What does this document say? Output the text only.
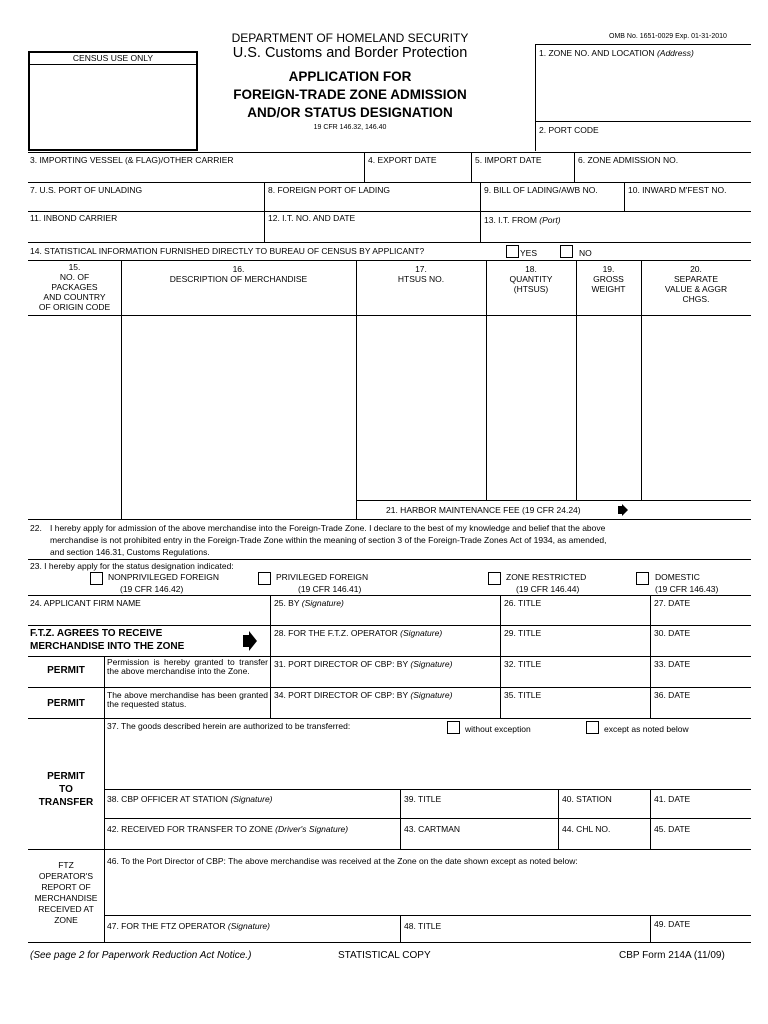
DEPARTMENT OF HOMELAND SECURITY
U.S. Customs and Border Protection
OMB No. 1651-0029 Exp. 01-31-2010
APPLICATION FOR
FOREIGN-TRADE ZONE ADMISSION
AND/OR STATUS DESIGNATION
19 CFR 146.32, 146.40
CENSUS USE ONLY	1. ZONE NO. AND LOCATION (Address)
2. PORT CODE
3. IMPORTING VESSEL (& FLAG)/OTHER CARRIER	4. EXPORT DATE	5. IMPORT DATE	6. ZONE ADMISSION NO.
7. U.S. PORT OF UNLADING	8. FOREIGN PORT OF LADING	9. BILL OF LADING/AWB NO.	10. INWARD M'FEST NO.
11. INBOND CARRIER	12. I.T. NO. AND DATE	13. I.T. FROM (Port)
14. STATISTICAL INFORMATION FURNISHED DIRECTLY TO BUREAU OF CENSUS BY APPLICANT?	YES	NO
15.
NO. OF
PACKAGES
AND COUNTRY
OF ORIGIN CODE
16.
DESCRIPTION OF MERCHANDISE
17.
HTSUS NO.
18.
QUANTITY
(HTSUS)
19.
GROSS
WEIGHT
20.
SEPARATE
VALUE & AGGR
CHGS.
21. HARBOR MAINTENANCE FEE (19 CFR 24.24)
22. I hereby apply for admission of the above merchandise into the Foreign-Trade Zone. I declare to the best of my knowledge and belief that the above
merchandise is not prohibited entry in the Foreign-Trade Zone within the meaning of section 3 of the Foreign-Trade Zones Act of 1934, as amended,
and section 146.31, Customs Regulations.
23. I hereby apply for the status designation indicated:
NONPRIVILEGED FOREIGN
(19 CFR 146.42)
PRIVILEGED FOREIGN
(19 CFR 146.41)
ZONE RESTRICTED
(19 CFR 146.44)
DOMESTIC
(19 CFR 146.43)
24. APPLICANT FIRM NAME	25. BY (Signature)	26. TITLE	27. DATE
F.T.Z. AGREES TO RECEIVE
MERCHANDISE INTO THE ZONE
28. FOR THE F.T.Z. OPERATOR (Signature)	29. TITLE	30. DATE
PERMIT
Permission is hereby granted to transfer the above merchandise into the Zone.
31. PORT DIRECTOR OF CBP: BY (Signature)	32. TITLE	33. DATE
PERMIT
The above merchandise has been granted the requested status.
34. PORT DIRECTOR OF CBP: BY (Signature)	35. TITLE	36. DATE
PERMIT
TO
TRANSFER
37. The goods described herein are authorized to be transferred:	without exception	except as noted below
38. CBP OFFICER AT STATION (Signature)	39. TITLE	40. STATION	41. DATE
42. RECEIVED FOR TRANSFER TO ZONE (Driver's Signature)	43. CARTMAN	44. CHL NO.	45. DATE
FTZ
OPERATOR'S
REPORT OF
MERCHANDISE
RECEIVED AT
ZONE
46. To the Port Director of CBP: The above merchandise was received at the Zone on the date shown except as noted below:
47. FOR THE FTZ OPERATOR (Signature)	48. TITLE	49. DATE
(See page 2 for Paperwork Reduction Act Notice.)	STATISTICAL COPY	CBP Form 214A (11/09)
